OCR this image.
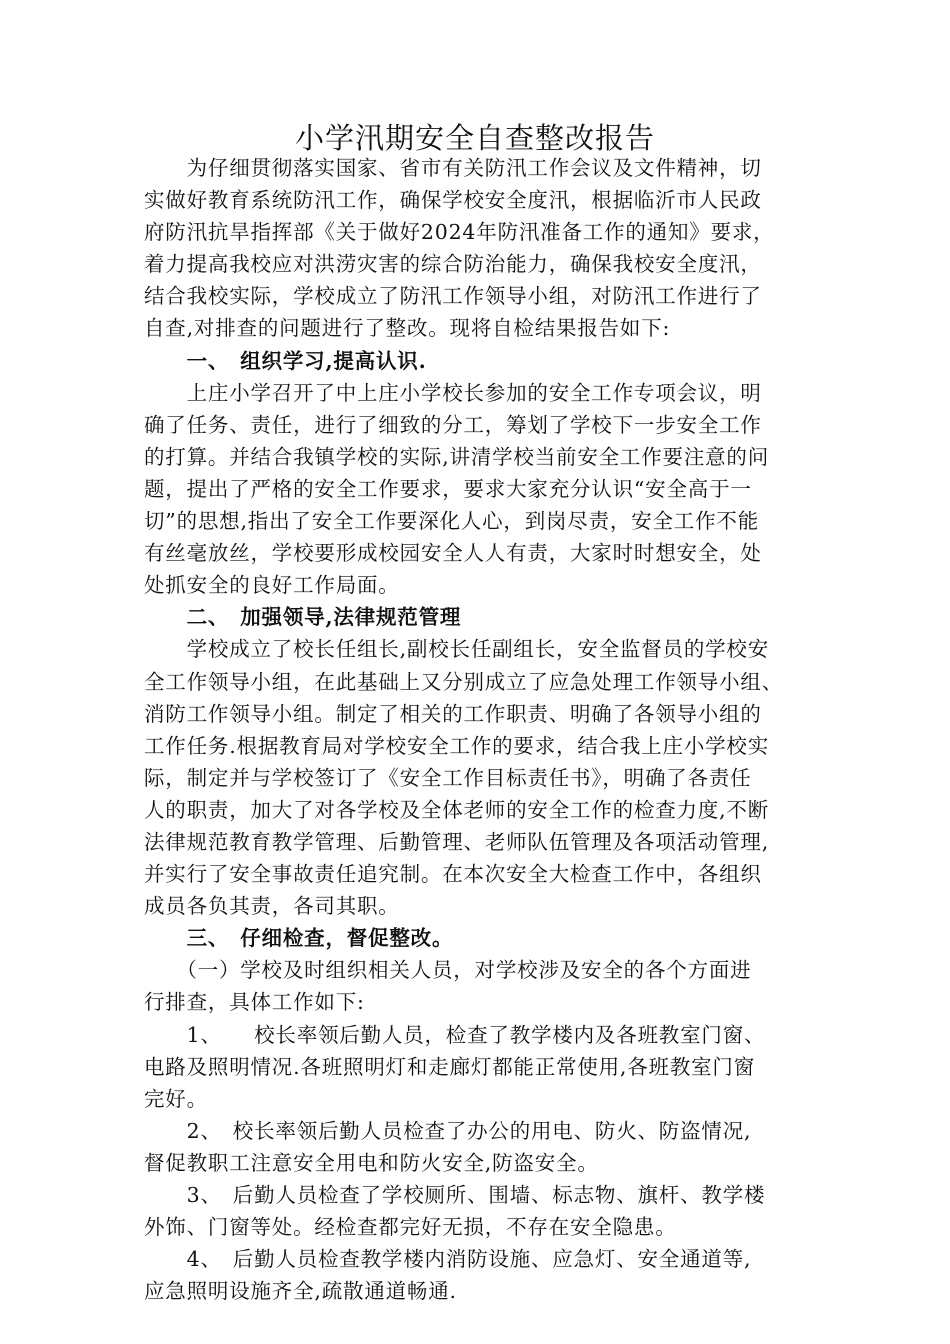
小学汛期安全自查整改报告
　　为仔细贯彻落实国家、省市有关防汛工作会议及文件精神，切
实做好教育系统防汛工作，确保学校安全度汛，根据临沂市人民政
府防汛抗旱指挥部《关于做好2024年防汛准备工作的通知》要求，
着力提高我校应对洪涝灾害的综合防治能力，确保我校安全度汛，
结合我校实际，学校成立了防汛工作领导小组，对防汛工作进行了
自查,对排查的问题进行了整改。现将自检结果报告如下:
　　一、　组织学习,提高认识.
　　上庄小学召开了中上庄小学校长参加的安全工作专项会议，明
确了任务、责任，进行了细致的分工，筹划了学校下一步安全工作
的打算。并结合我镇学校的实际,讲清学校当前安全工作要注意的问
题，提出了严格的安全工作要求，要求大家充分认识“安全高于一
切”的思想,指出了安全工作要深化人心，到岗尽责，安全工作不能
有丝毫放丝，学校要形成校园安全人人有责，大家时时想安全，处
处抓安全的良好工作局面。
　　二、　加强领导,法律规范管理
　　学校成立了校长任组长,副校长任副组长，安全监督员的学校安
全工作领导小组，在此基础上又分别成立了应急处理工作领导小组、
消防工作领导小组。制定了相关的工作职责、明确了各领导小组的
工作任务.根据教育局对学校安全工作的要求，结合我上庄小学校实
际，制定并与学校签订了《安全工作目标责任书》，明确了各责任
人的职责，加大了对各学校及全体老师的安全工作的检查力度,不断
法律规范教育教学管理、后勤管理、老师队伍管理及各项活动管理,
并实行了安全事故责任追究制。在本次安全大检查工作中，各组织
成员各负其责，各司其职。
　　三、　仔细检查，督促整改。
　　（一）学校及时组织相关人员，对学校涉及安全的各个方面进
行排查，具体工作如下:
　　1、　　校长率领后勤人员，检查了教学楼内及各班教室门窗、
电路及照明情况.各班照明灯和走廊灯都能正常使用,各班教室门窗
完好。
　　2、　校长率领后勤人员检查了办公的用电、防火、防盗情况,
督促教职工注意安全用电和防火安全,防盗安全。
　　3、　后勤人员检查了学校厕所、围墙、标志物、旗杆、教学楼
外饰、门窗等处。经检查都完好无损，不存在安全隐患。
　　4、　后勤人员检查教学楼内消防设施、应急灯、安全通道等,
应急照明设施齐全,疏散通道畅通.
